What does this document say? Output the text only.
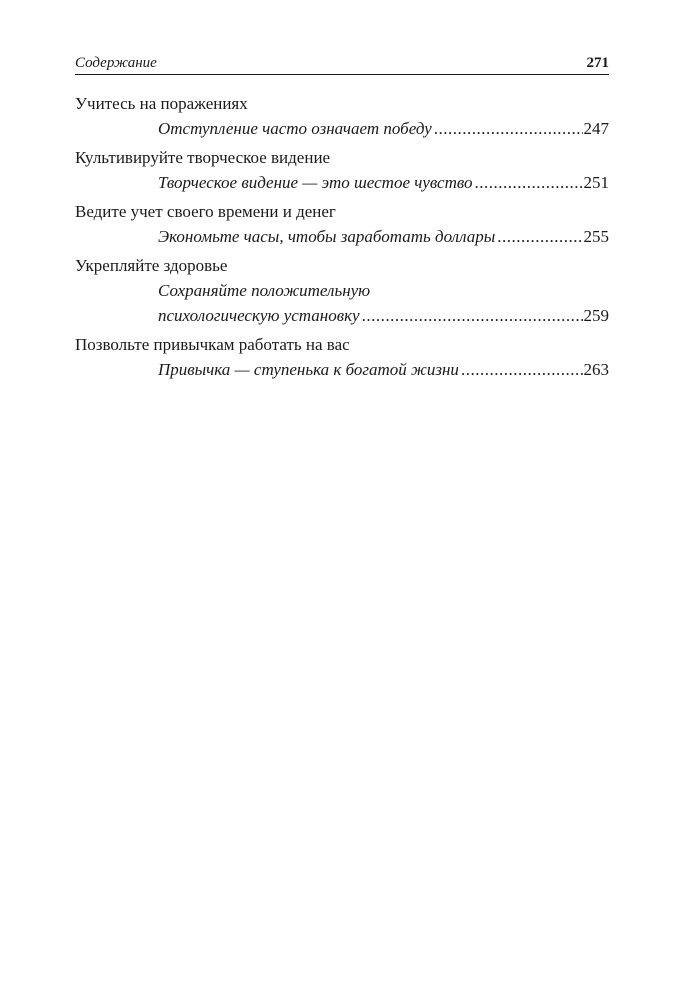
Содержание	271
Учитесь на поражениях
Отступление часто означает победу .....	247
Культивируйте творческое видение
Творческое видение — это шестое чувство .....	251
Ведите учет своего времени и денег
Экономьте часы, чтобы заработать доллары .....	255
Укрепляйте здоровье
Сохраняйте положительную
психологическую установку .....	259
Позвольте привычкам работать на вас
Привычка — ступенька к богатой жизни .....	263
